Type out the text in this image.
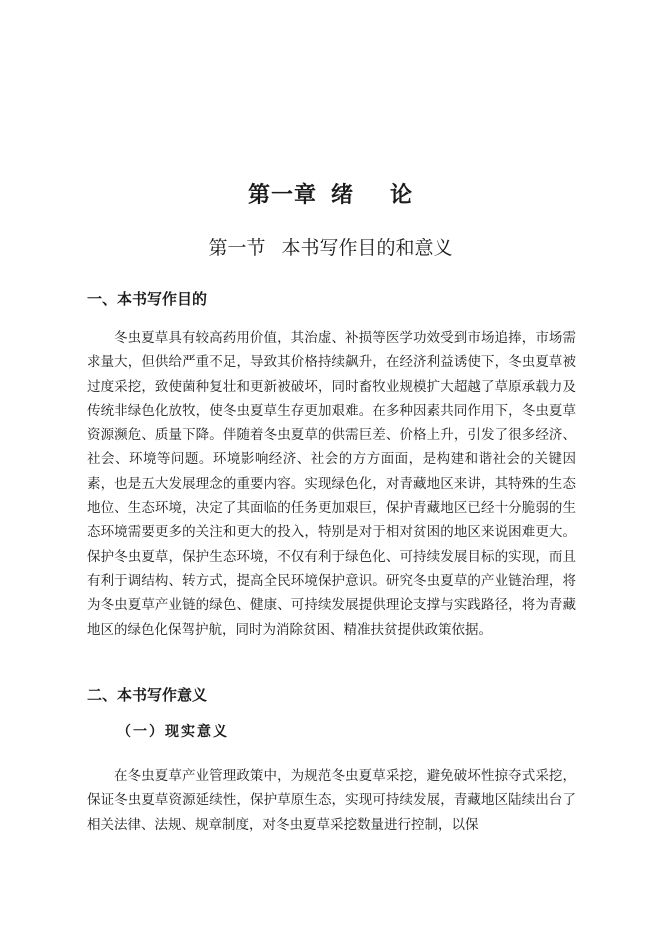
第一章 绪 论
第一节 本书写作目的和意义
一、本书写作目的

冬虫夏草具有较高药用价值，其治虚、补损等医学功效受到市场追捧，市场需求量大，但供给严重不足，导致其价格持续飙升，在经济利益诱使下，冬虫夏草被过度采挖，致使菌种复壮和更新被破坏，同时畜牧业规模扩大超越了草原承载力及传统非绿色化放牧，使冬虫夏草生存更加艰难。在多种因素共同作用下，冬虫夏草资源濒危、质量下降。伴随着冬虫夏草的供需巨差、价格上升，引发了很多经济、社会、环境等问题。环境影响经济、社会的方方面面，是构建和谐社会的关键因素，也是五大发展理念的重要内容。实现绿色化，对青藏地区来讲，其特殊的生态地位、生态环境，决定了其面临的任务更加艰巨，保护青藏地区已经十分脆弱的生态环境需要更多的关注和更大的投入，特别是对于相对贫困的地区来说困难更大。保护冬虫夏草，保护生态环境，不仅有利于绿色化、可持续发展目标的实现，而且有利于调结构、转方式，提高全民环境保护意识。研究冬虫夏草的产业链治理，将为冬虫夏草产业链的绿色、健康、可持续发展提供理论支撑与实践路径，将为青藏地区的绿色化保驾护航，同时为消除贫困、精准扶贫提供政策依据。

二、本书写作意义
（一）现实意义

在冬虫夏草产业管理政策中，为规范冬虫夏草采挖，避免破坏性掠夺式采挖，保证冬虫夏草资源延续性，保护草原生态，实现可持续发展，青藏地区陆续出台了相关法律、法规、规章制度，对冬虫夏草采挖数量进行控制，以保
